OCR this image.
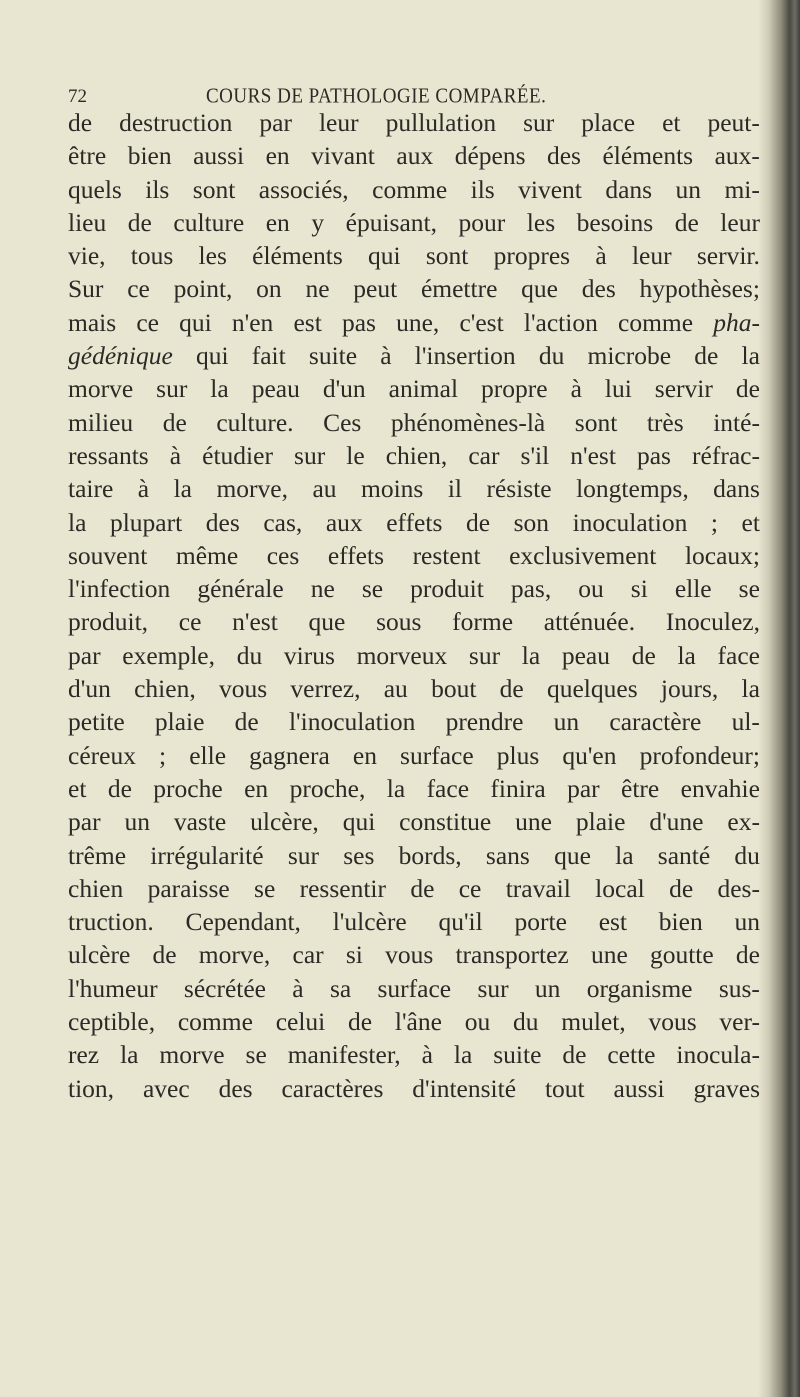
72	COURS DE PATHOLOGIE COMPARÉE.
de destruction par leur pullulation sur place et peut-
être bien aussi en vivant aux dépens des éléments aux-
quels ils sont associés, comme ils vivent dans un mi-
lieu de culture en y épuisant, pour les besoins de leur
vie, tous les éléments qui sont propres à leur servir.
Sur ce point, on ne peut émettre que des hypothèses;
mais ce qui n'en est pas une, c'est l'action comme pha-
gédénique qui fait suite à l'insertion du microbe de la
morve sur la peau d'un animal propre à lui servir de
milieu de culture. Ces phénomènes-là sont très inté-
ressants à étudier sur le chien, car s'il n'est pas réfrac-
taire à la morve, au moins il résiste longtemps, dans
la plupart des cas, aux effets de son inoculation ; et
souvent même ces effets restent exclusivement locaux;
l'infection générale ne se produit pas, ou si elle se
produit, ce n'est que sous forme atténuée. Inoculez,
par exemple, du virus morveux sur la peau de la face
d'un chien, vous verrez, au bout de quelques jours, la
petite plaie de l'inoculation prendre un caractère ul-
céreux ; elle gagnera en surface plus qu'en profondeur;
et de proche en proche, la face finira par être envahie
par un vaste ulcère, qui constitue une plaie d'une ex-
trême irrégularité sur ses bords, sans que la santé du
chien paraisse se ressentir de ce travail local de des-
truction. Cependant, l'ulcère qu'il porte est bien un
ulcère de morve, car si vous transportez une goutte de
l'humeur sécrétée à sa surface sur un organisme sus-
ceptible, comme celui de l'âne ou du mulet, vous ver-
rez la morve se manifester, à la suite de cette inocula-
tion, avec des caractères d'intensité tout aussi graves
